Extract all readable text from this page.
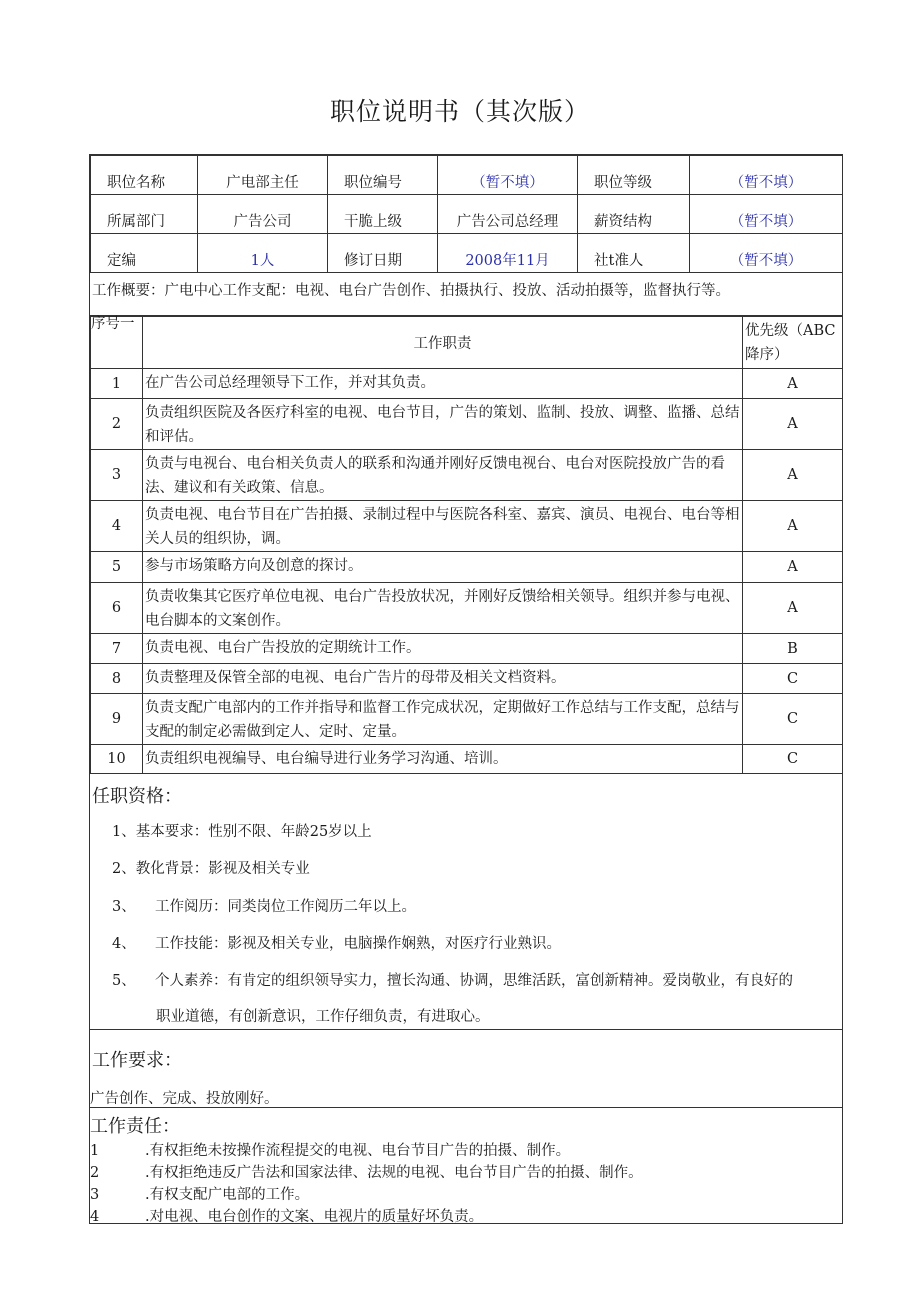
职位说明书（其次版）
职位名称	广电部主任	职位编号	（暂不填）	职位等级	（暂不填）
所属部门	广告公司	干脆上级	广告公司总经理	薪资结构	（暂不填）
定编	1人	修订日期	2008年11月	社t准人	（暂不填）
工作概要：广电中心工作支配：电视、电台广告创作、拍摄执行、投放、活动拍摄等，监督执行等。
序号一	工作职责	优先级（ABC降序）
1	在广告公司总经理领导下工作，并对其负责。	A
2	负责组织医院及各医疗科室的电视、电台节目，广告的策划、监制、投放、调整、监播、总结和评估。	A
3	负责与电视台、电台相关负责人的联系和沟通并刚好反馈电视台、电台对医院投放广告的看法、建议和有关政策、信息。	A
4	负责电视、电台节目在广告拍摄、录制过程中与医院各科室、嘉宾、演员、电视台、电台等相关人员的组织协，调。	A
5	参与市场策略方向及创意的探讨。	A
6	负责收集其它医疗单位电视、电台广告投放状况，并刚好反馈给相关领导。组织并参与电视、电台脚本的文案创作。	A
7	负责电视、电台广告投放的定期统计工作。	B
8	负责整理及保管全部的电视、电台广告片的母带及相关文档资料。	C
9	负责支配广电部内的工作并指导和监督工作完成状况，定期做好工作总结与工作支配，总结与支配的制定必需做到定人、定时、定量。	C
10	负责组织电视编导、电台编导进行业务学习沟通、培训。	C
任职资格：
1、基本要求：性别不限、年龄25岁以上
2、教化背景：影视及相关专业
3、 工作阅历：同类岗位工作阅历二年以上。
4、 工作技能：影视及相关专业，电脑操作娴熟，对医疗行业熟识。
5、 个人素养：有肯定的组织领导实力，擅长沟通、协调，思维活跃，富创新精神。爱岗敬业，有良好的
职业道德，有创新意识，工作仔细负责，有进取心。
工作要求：
广告创作、完成、投放刚好。
工作责任：
1	.有权拒绝未按操作流程提交的电视、电台节目广告的拍摄、制作。
2	.有权拒绝违反广告法和国家法律、法规的电视、电台节目广告的拍摄、制作。
3	.有权支配广电部的工作。
4	.对电视、电台创作的文案、电视片的质量好坏负责。
